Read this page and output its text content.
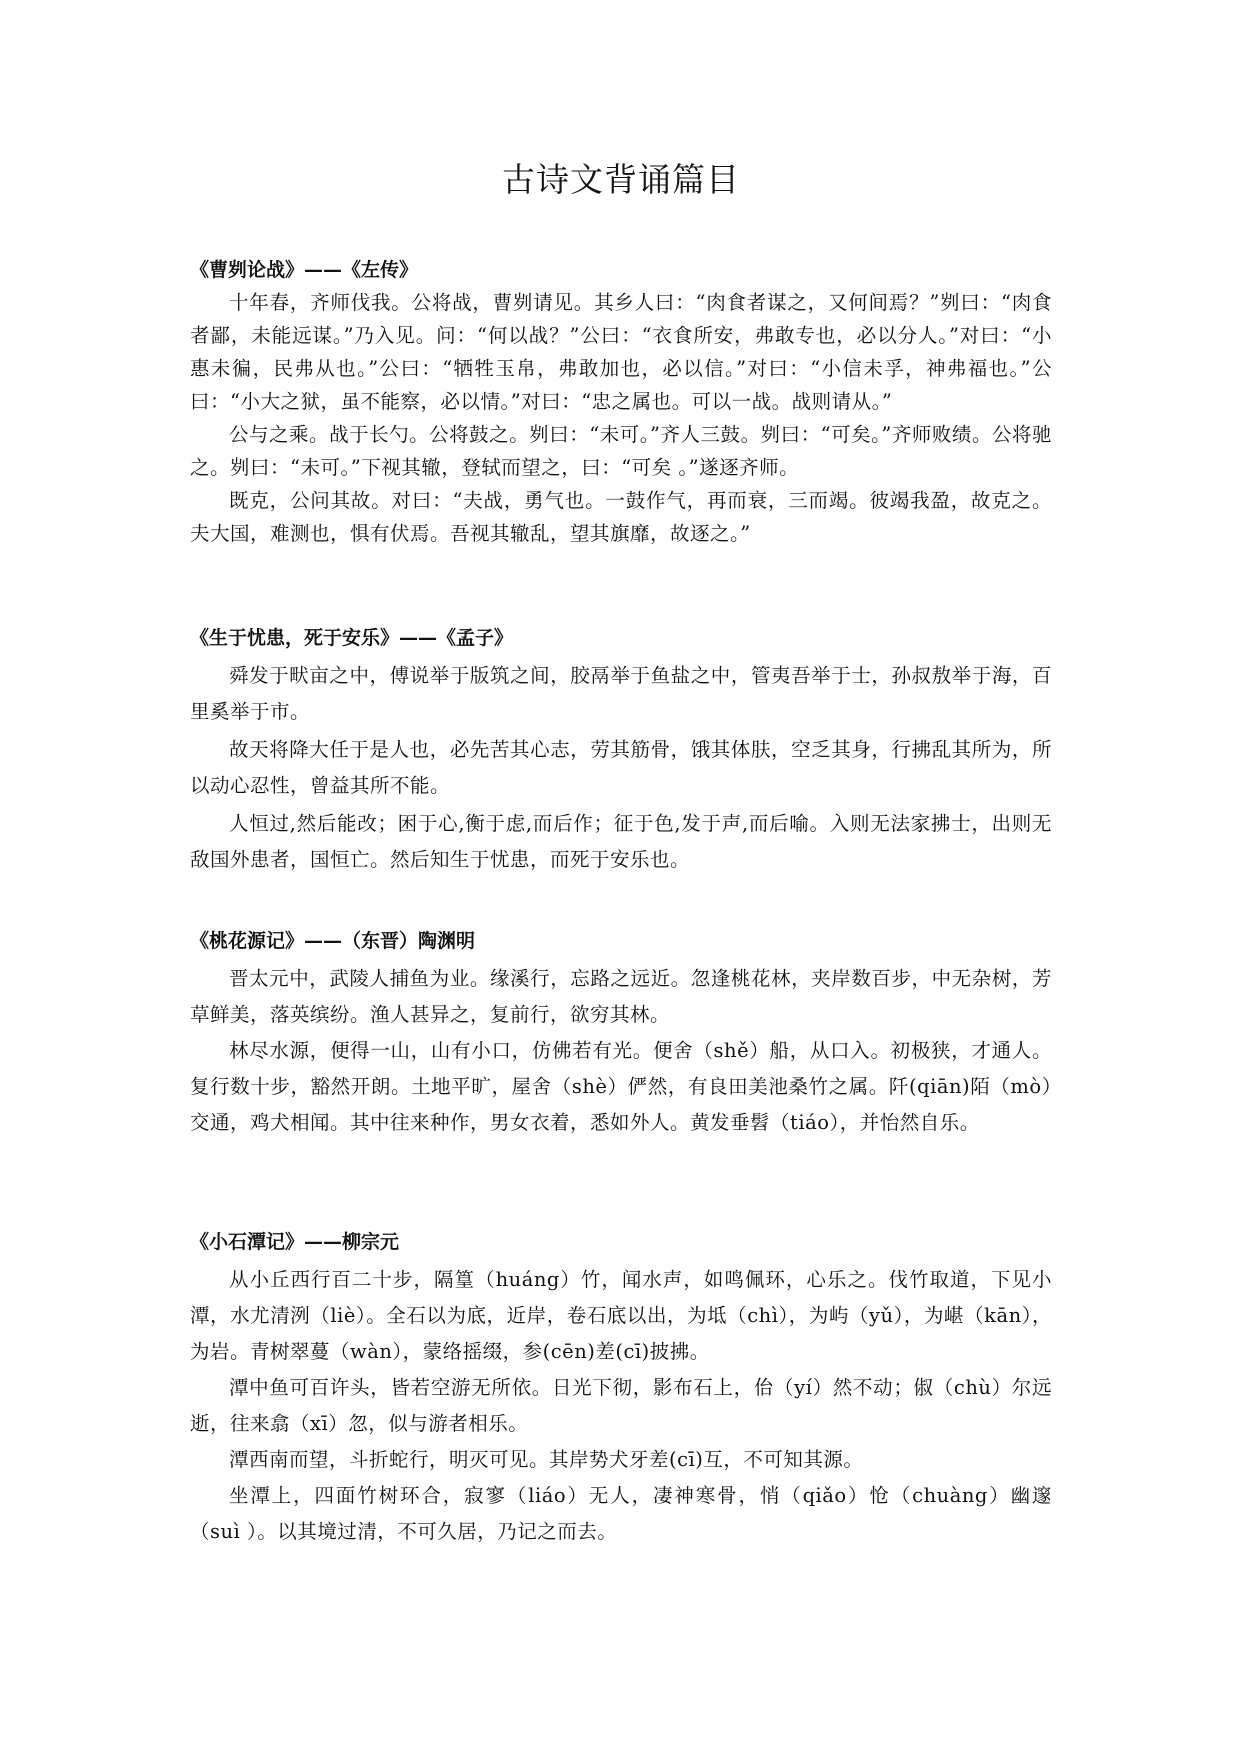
古诗文背诵篇目
《曹刿论战》——《左传》

十年春，齐师伐我。公将战，曹刿请见。其乡人曰：“肉食者谋之，又何间焉？”刿曰：“肉食者鄙，未能远谋。”乃入见。问：“何以战？”公曰：“衣食所安，弗敢专也，必以分人。”对曰：“小惠未徧，民弗从也。”公曰：“牺牲玉帛，弗敢加也，必以信。”对曰：“小信未孚，神弗福也。”公曰：“小大之狱，虽不能察，必以情。”对曰：“忠之属也。可以一战。战则请从。”

公与之乘。战于长勺。公将鼓之。刿曰：“未可。”齐人三鼓。刿曰：“可矣。”齐师败绩。公将驰之。刿曰：“未可。”下视其辙，登轼而望之，曰：“可矣 。”遂逐齐师。

既克，公问其故。对曰：“夫战，勇气也。一鼓作气，再而衰，三而竭。彼竭我盈，故克之。夫大国，难测也，惧有伏焉。吾视其辙乱，望其旗靡，故逐之。”

《生于忧患，死于安乐》——《孟子》

舜发于畎亩之中，傅说举于版筑之间，胶鬲举于鱼盐之中，管夷吾举于士，孙叔敖举于海，百里奚举于市。

故天将降大任于是人也，必先苦其心志，劳其筋骨，饿其体肤，空乏其身，行拂乱其所为，所以动心忍性，曾益其所不能。

人恒过,然后能改；困于心,衡于虑,而后作；征于色,发于声,而后喻。入则无法家拂士，出则无敌国外患者，国恒亡。然后知生于忧患，而死于安乐也。

《桃花源记》——（东晋）陶渊明

晋太元中，武陵人捕鱼为业。缘溪行，忘路之远近。忽逢桃花林，夹岸数百步，中无杂树，芳草鲜美，落英缤纷。渔人甚异之，复前行，欲穷其林。

林尽水源，便得一山，山有小口，仿佛若有光。便舍（shě）船，从口入。初极狭，才通人。复行数十步，豁然开朗。土地平旷，屋舍（shè）俨然，有良田美池桑竹之属。阡(qiān)陌（mò）交通，鸡犬相闻。其中往来种作，男女衣着，悉如外人。黄发垂髫（tiáo），并怡然自乐。

《小石潭记》——柳宗元

从小丘西行百二十步，隔篁（huáng）竹，闻水声，如鸣佩环，心乐之。伐竹取道，下见小潭，水尤清洌（liè）。全石以为底，近岸，卷石底以出，为坻（chì），为屿（yǔ），为嵁（kān），为岩。青树翠蔓（wàn），蒙络摇缀，参(cēn)差(cī)披拂。

潭中鱼可百许头，皆若空游无所依。日光下彻，影布石上，佁（yí）然不动；俶（chù）尔远逝，往来翕（xī）忽，似与游者相乐。

潭西南而望，斗折蛇行，明灭可见。其岸势犬牙差(cī)互，不可知其源。

坐潭上，四面竹树环合，寂寥（liáo）无人，凄神寒骨，悄（qiǎo）怆（chuàng）幽邃（suì ）。以其境过清，不可久居，乃记之而去。
